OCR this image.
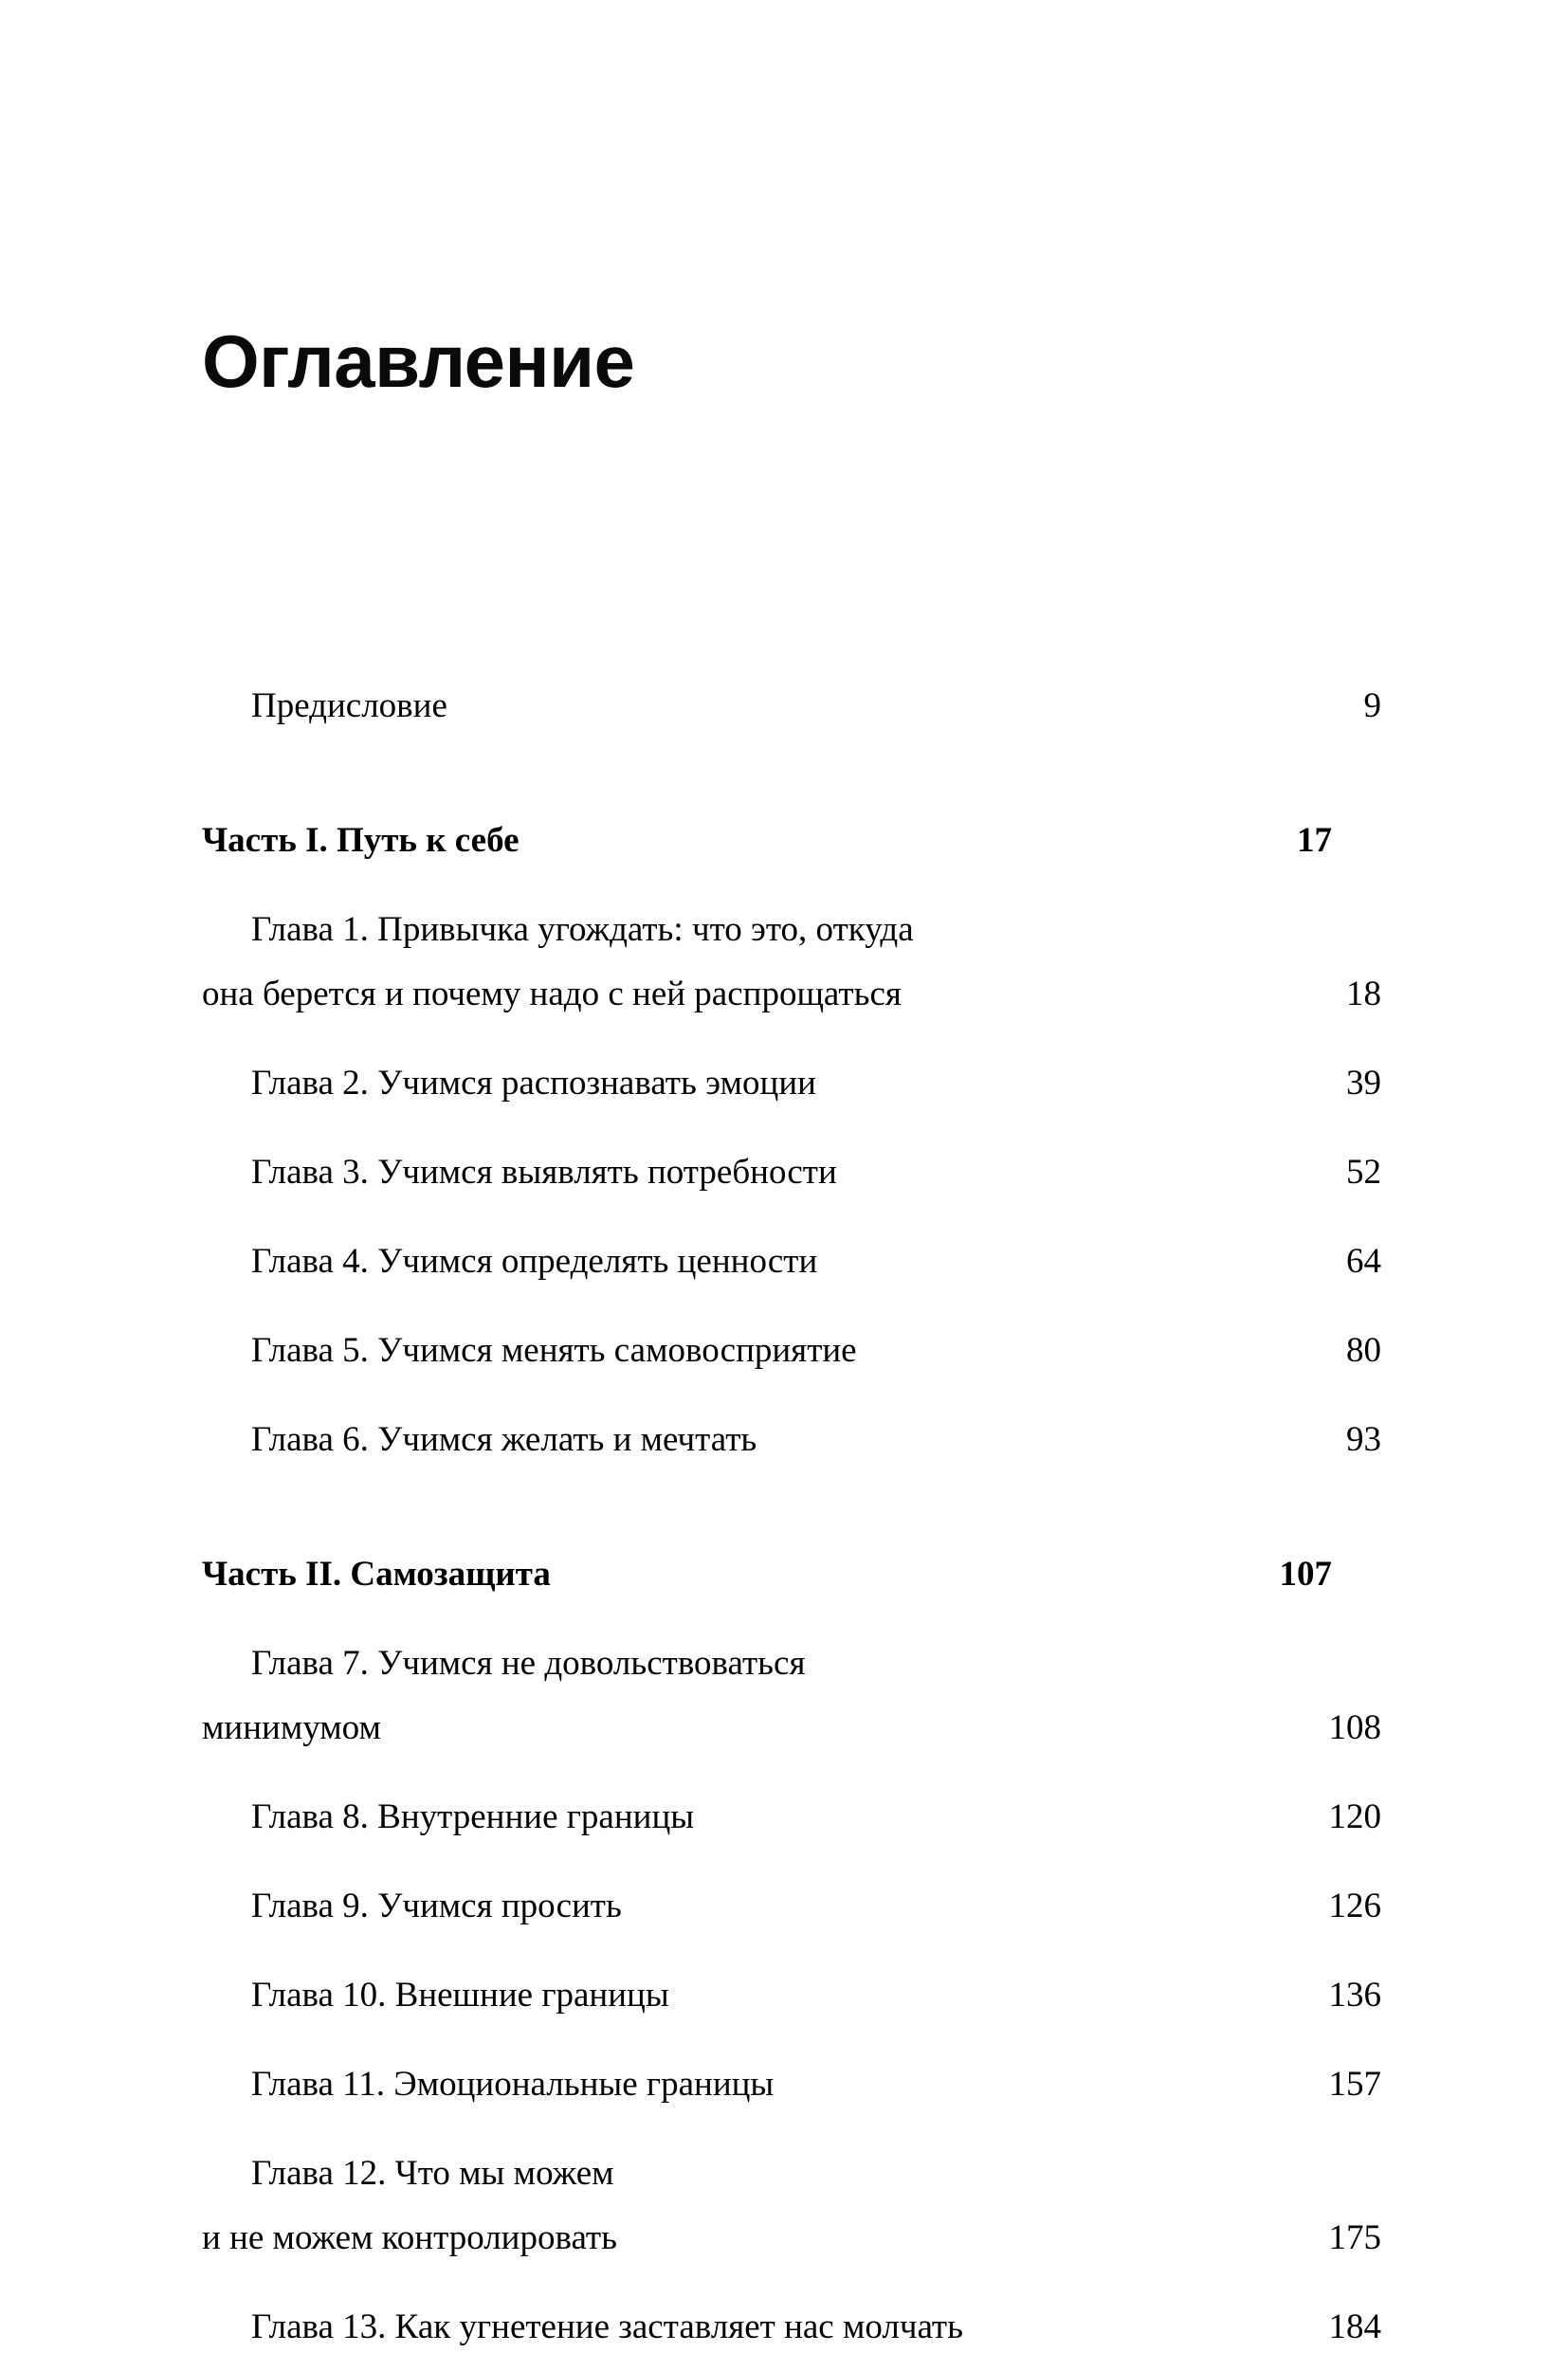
Оглавление
Предисловие	9
Часть I. Путь к себе	17
Глава 1. Привычка угождать: что это, откуда
она берется и почему надо с ней распрощаться	18
Глава 2. Учимся распознавать эмоции	39
Глава 3. Учимся выявлять потребности	52
Глава 4. Учимся определять ценности	64
Глава 5. Учимся менять самовосприятие	80
Глава 6. Учимся желать и мечтать	93
Часть II. Самозащита	107
Глава 7. Учимся не довольствоваться
минимумом	108
Глава 8. Внутренние границы	120
Глава 9. Учимся просить	126
Глава 10. Внешние границы	136
Глава 11. Эмоциональные границы	157
Глава 12. Что мы можем
и не можем контролировать	175
Глава 13. Как угнетение заставляет нас молчать	184
